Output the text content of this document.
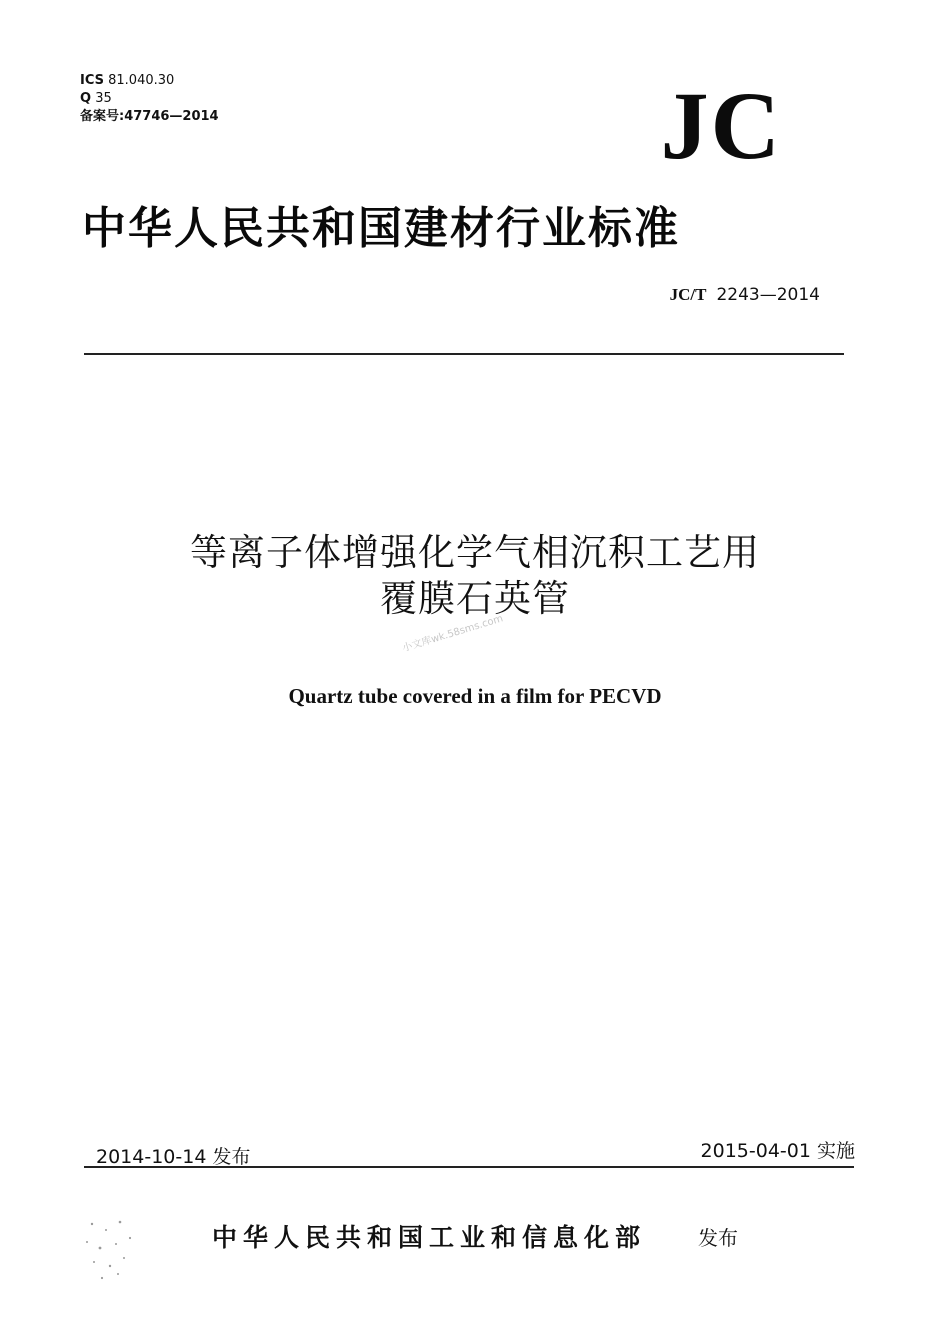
ICS 81.040.30
Q 35
备案号:47746—2014	JC
中华人民共和国建材行业标准
JC/T 2243—2014
等离子体增强化学气相沉积工艺用
覆膜石英管
小文库wk.58sms.com
Quartz tube covered in a film for PECVD
2014-10-14 发布	2015-04-01 实施
中华人民共和国工业和信息化部	发布
